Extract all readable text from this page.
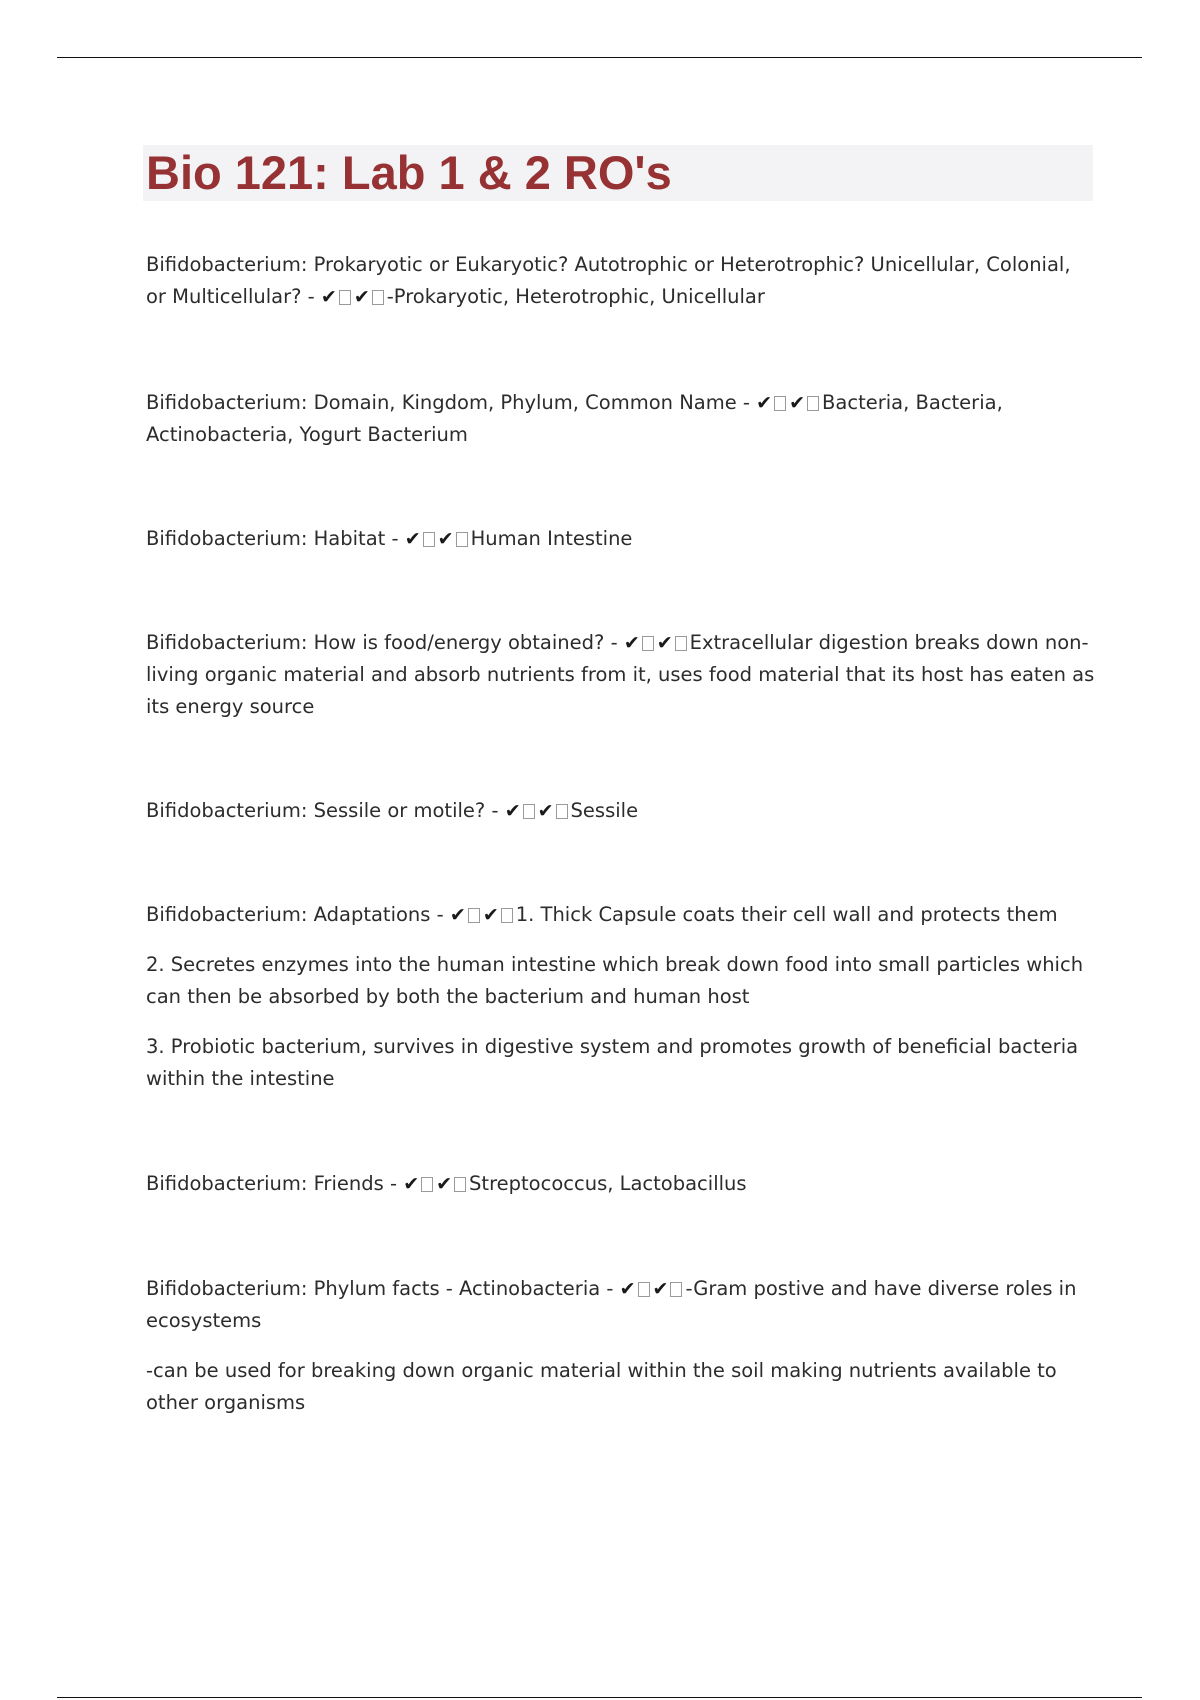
Bio 121: Lab 1 & 2 RO's

Bifidobacterium: Prokaryotic or Eukaryotic? Autotrophic or Heterotrophic? Unicellular, Colonial, or Multicellular? - ✔ ✔ -Prokaryotic, Heterotrophic, Unicellular

Bifidobacterium: Domain, Kingdom, Phylum, Common Name - ✔ ✔ Bacteria, Bacteria, Actinobacteria, Yogurt Bacterium

Bifidobacterium: Habitat - ✔ ✔ Human Intestine

Bifidobacterium: How is food/energy obtained? - ✔ ✔ Extracellular digestion breaks down non-living organic material and absorb nutrients from it, uses food material that its host has eaten as its energy source

Bifidobacterium: Sessile or motile? - ✔ ✔ Sessile

Bifidobacterium: Adaptations - ✔ ✔ 1. Thick Capsule coats their cell wall and protects them

2. Secretes enzymes into the human intestine which break down food into small particles which can then be absorbed by both the bacterium and human host

3. Probiotic bacterium, survives in digestive system and promotes growth of beneficial bacteria within the intestine

Bifidobacterium: Friends - ✔ ✔ Streptococcus, Lactobacillus

Bifidobacterium: Phylum facts - Actinobacteria - ✔ ✔ -Gram postive and have diverse roles in ecosystems

-can be used for breaking down organic material within the soil making nutrients available to other organisms
